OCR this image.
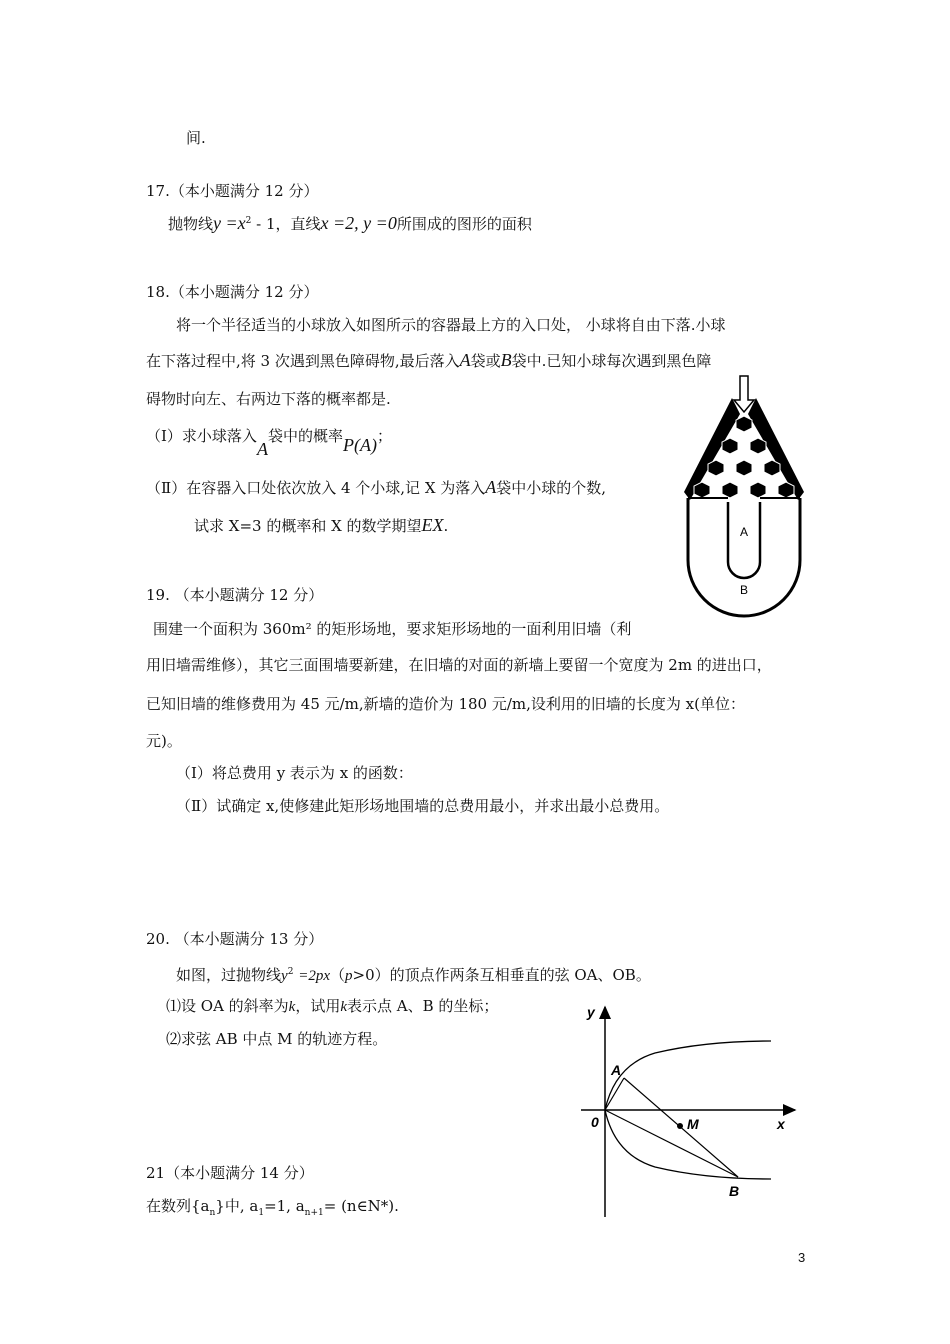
间.
17.（本小题满分 12 分）
抛物线$y =x^2 - 1$，直线x =2, y =0所围成的图形的面积
18.（本小题满分 12 分）
将一个半径适当的小球放入如图所示的容器最上方的入口处， 小球将自由下落.小球
在下落过程中,将 3 次遇到黑色障碍物,最后落入A袋或B袋中.已知小球每次遇到黑色障
碍物时向左、右两边下落的概率都是.
（Ⅰ）求小球落入A袋中的概率P(A)；
（Ⅱ）在容器入口处依次放入 4 个小球,记 X 为落入A袋中小球的个数,
试求 X=3 的概率和 X 的数学期望EX.	A
B
19. （本小题满分 12 分）
围建一个面积为 360m² 的矩形场地，要求矩形场地的一面利用旧墙（利
用旧墙需维修），其它三面围墙要新建，在旧墙的对面的新墙上要留一个宽度为 2m 的进出口，
已知旧墙的维修费用为 45 元/m,新墙的造价为 180 元/m,设利用的旧墙的长度为 x(单位：
元)。
（Ⅰ）将总费用 y 表示为 x 的函数：
（Ⅱ）试确定 x,使修建此矩形场地围墙的总费用最小，并求出最小总费用。
20. （本小题满分 13 分）
如图，过抛物线$y^2 =2px(p>0)$的顶点作两条互相垂直的弦 OA、OB。
⑴设 OA 的斜率为k，试用k表示点 A、B 的坐标；
⑵求弦 AB 中点 M 的轨迹方程。
y
x
0
A
B
M
21（本小题满分 14 分）
在数列$\{a_n\}$中, $a_1=1$, $a_{n+1}=$ (n∈N*).
3
